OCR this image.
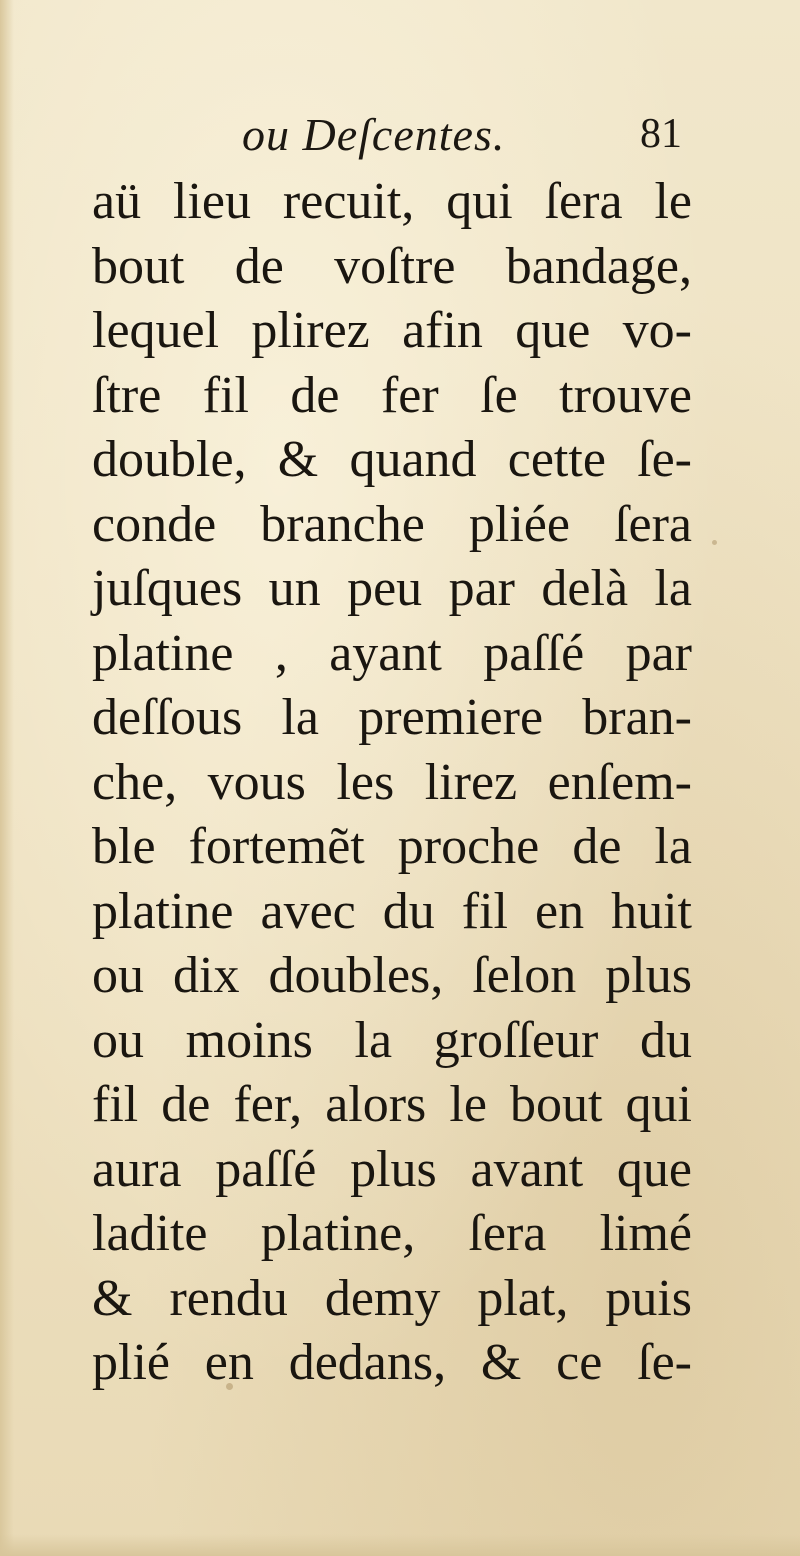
ou Deſcentes.	81
aü lieu recuit, qui ſera le
bout de voſtre bandage,
lequel plirez afin que vo-
ſtre fil de fer ſe trouve
double, & quand cette ſe-
conde branche pliée ſera
juſques un peu par delà la
platine , ayant paſſé par
deſſous la premiere bran-
che, vous les lirez enſem-
ble fortemẽt proche de la
platine avec du fil en huit
ou dix doubles, ſelon plus
ou moins la groſſeur du
fil de fer, alors le bout qui
aura paſſé plus avant que
ladite platine, ſera limé
& rendu demy plat, puis
plié en dedans, & ce ſe-
